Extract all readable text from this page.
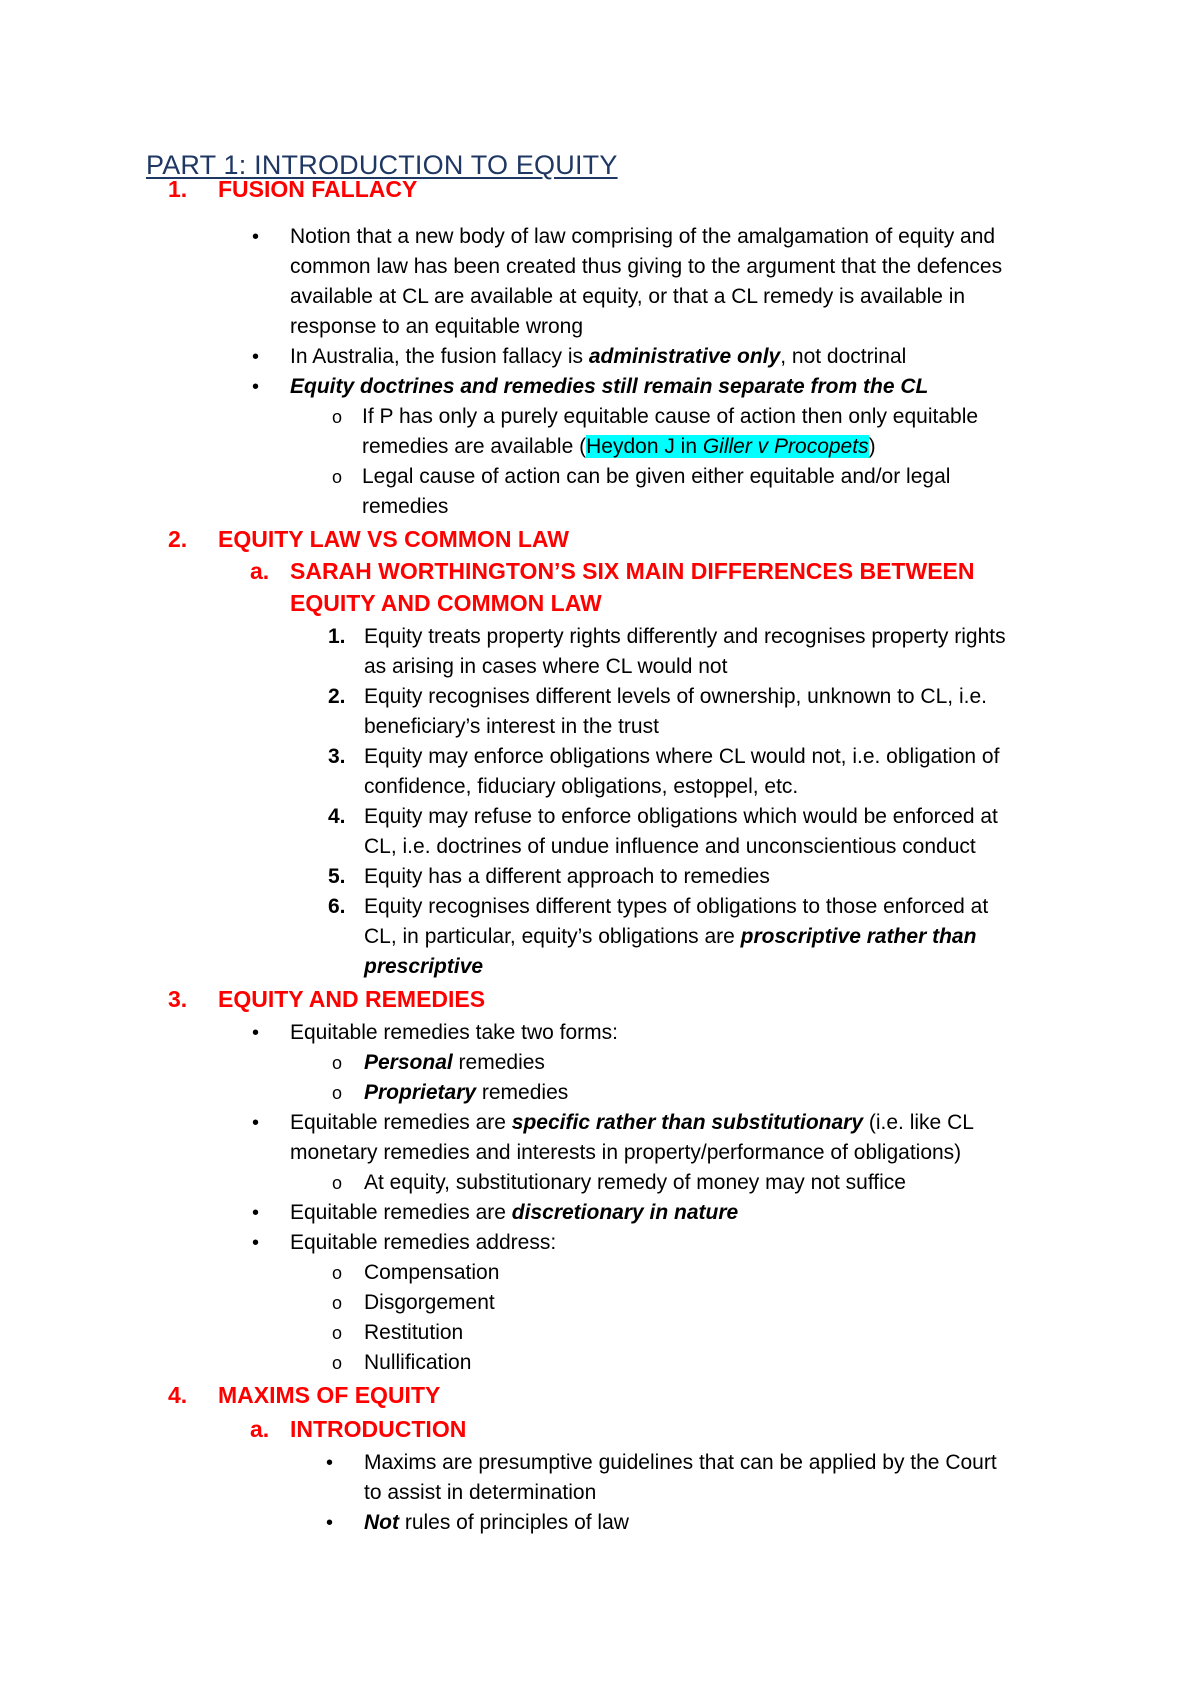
PART 1: INTRODUCTION TO EQUITY
1. FUSION FALLACY
• Notion that a new body of law comprising of the amalgamation of equity and
common law has been created thus giving to the argument that the defences
available at CL are available at equity, or that a CL remedy is available in
response to an equitable wrong
• In Australia, the fusion fallacy is administrative only, not doctrinal
• Equity doctrines and remedies still remain separate from the CL
o If P has only a purely equitable cause of action then only equitable
remedies are available (Heydon J in Giller v Procopets)
o Legal cause of action can be given either equitable and/or legal
remedies
2. EQUITY LAW VS COMMON LAW
a. SARAH WORTHINGTON’S SIX MAIN DIFFERENCES BETWEEN
EQUITY AND COMMON LAW
1. Equity treats property rights differently and recognises property rights
as arising in cases where CL would not
2. Equity recognises different levels of ownership, unknown to CL, i.e.
beneficiary’s interest in the trust
3. Equity may enforce obligations where CL would not, i.e. obligation of
confidence, fiduciary obligations, estoppel, etc.
4. Equity may refuse to enforce obligations which would be enforced at
CL, i.e. doctrines of undue influence and unconscientious conduct
5. Equity has a different approach to remedies
6. Equity recognises different types of obligations to those enforced at
CL, in particular, equity’s obligations are proscriptive rather than
prescriptive
3. EQUITY AND REMEDIES
• Equitable remedies take two forms:
o Personal remedies
o Proprietary remedies
• Equitable remedies are specific rather than substitutionary (i.e. like CL
monetary remedies and interests in property/performance of obligations)
o At equity, substitutionary remedy of money may not suffice
• Equitable remedies are discretionary in nature
• Equitable remedies address:
o Compensation
o Disgorgement
o Restitution
o Nullification
4. MAXIMS OF EQUITY
a. INTRODUCTION
• Maxims are presumptive guidelines that can be applied by the Court
to assist in determination
• Not rules of principles of law
